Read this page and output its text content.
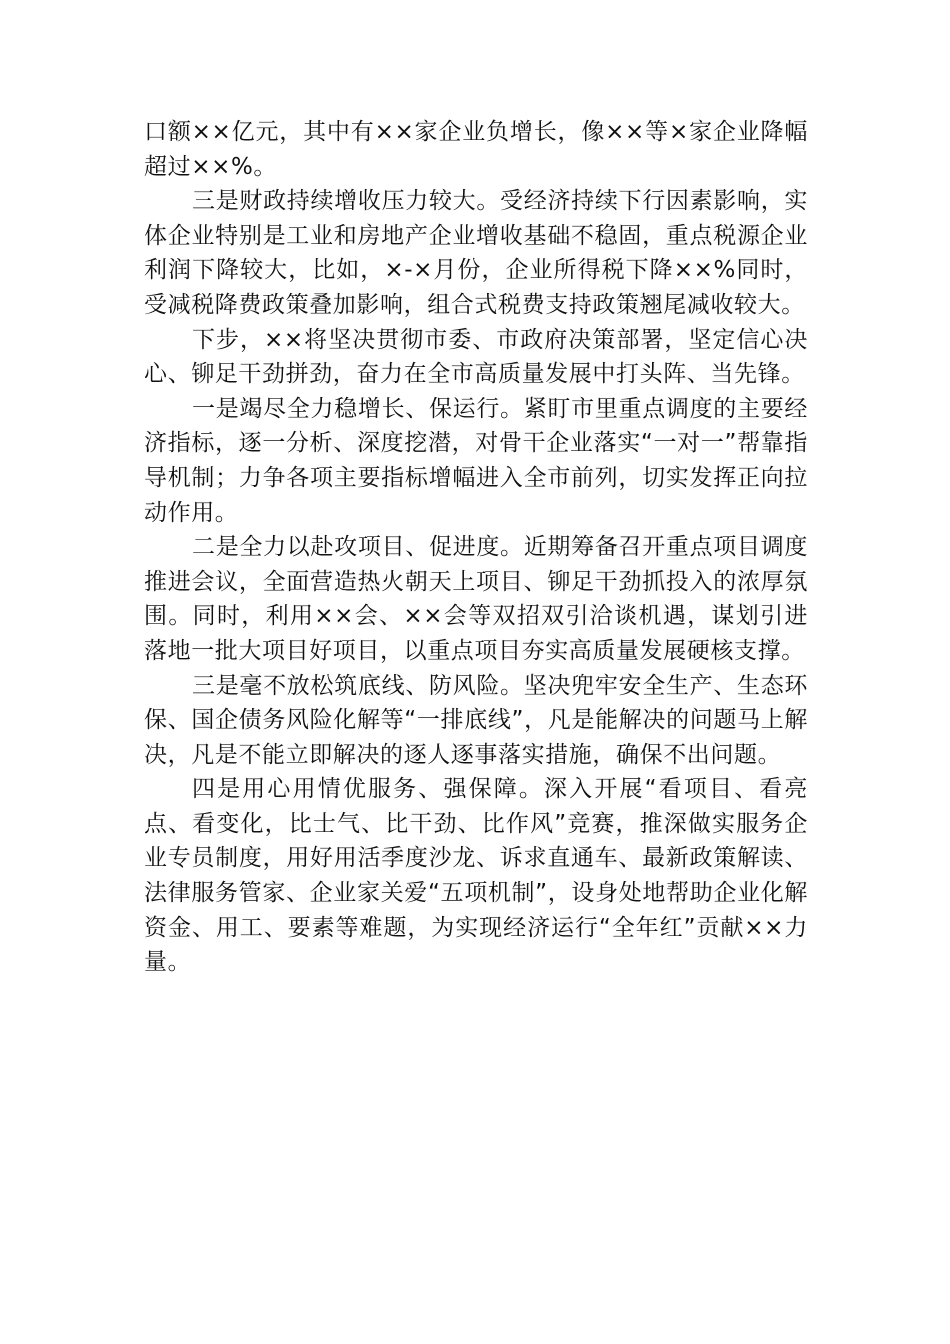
口额××亿元，其中有××家企业负增长，像××等×家企业降幅超过××%。

三是财政持续增收压力较大。受经济持续下行因素影响，实体企业特别是工业和房地产企业增收基础不稳固，重点税源企业利润下降较大，比如，×-×月份，企业所得税下降××%同时，受减税降费政策叠加影响，组合式税费支持政策翘尾减收较大。

下步，××将坚决贯彻市委、市政府决策部署，坚定信心决心、铆足干劲拼劲，奋力在全市高质量发展中打头阵、当先锋。

一是竭尽全力稳增长、保运行。紧盯市里重点调度的主要经济指标，逐一分析、深度挖潜，对骨干企业落实“一对一”帮靠指导机制；力争各项主要指标增幅进入全市前列，切实发挥正向拉动作用。

二是全力以赴攻项目、促进度。近期筹备召开重点项目调度推进会议，全面营造热火朝天上项目、铆足干劲抓投入的浓厚氛围。同时，利用××会、××会等双招双引洽谈机遇，谋划引进落地一批大项目好项目，以重点项目夯实高质量发展硬核支撑。

三是毫不放松筑底线、防风险。坚决兜牢安全生产、生态环保、国企债务风险化解等“一排底线”，凡是能解决的问题马上解决，凡是不能立即解决的逐人逐事落实措施，确保不出问题。

四是用心用情优服务、强保障。深入开展“看项目、看亮点、看变化，比士气、比干劲、比作风”竞赛，推深做实服务企业专员制度，用好用活季度沙龙、诉求直通车、最新政策解读、法律服务管家、企业家关爱“五项机制”，设身处地帮助企业化解资金、用工、要素等难题，为实现经济运行“全年红”贡献××力量。
